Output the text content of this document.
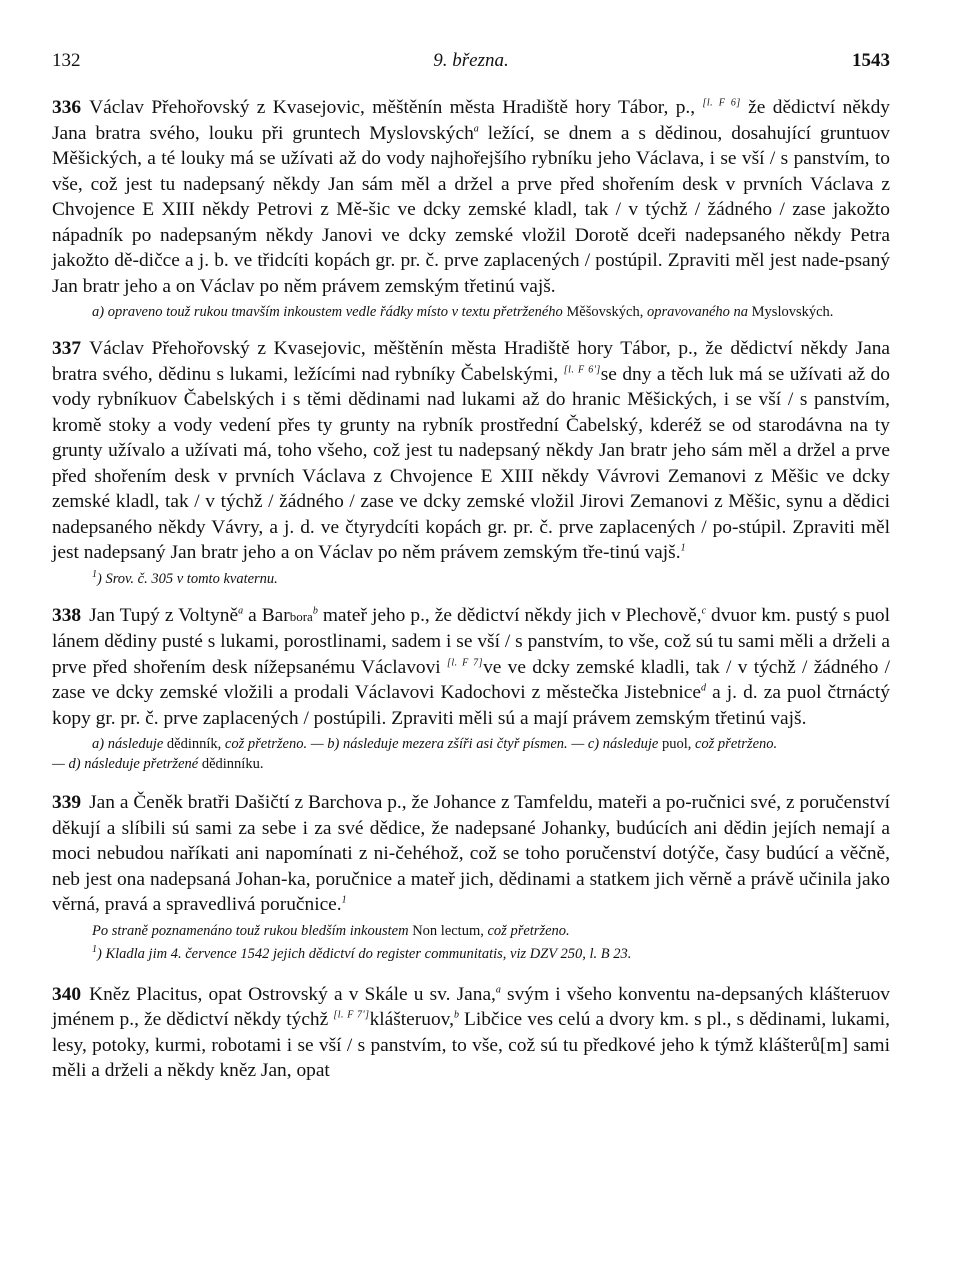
132	9. března.	1543

336 Václav Přehořovský z Kvasejovic, měštěnín města Hradiště hory Tábor, p., [l. F 6] že dědictví někdy Jana bratra svého, louku při gruntech Myslovských$^a$ ležící, se dnem a s dědinou, dosahující gruntuov Měšických, a té louky má se užívati až do vody najhořejšího rybníku jeho Václava, i se vší / s panstvím, to vše, což jest tu nadepsaný někdy Jan sám měl a držel a prve před shořením desk v prvních Václava z Chvojence E XIII někdy Petrovi z Mě-šic ve dcky zemské kladl, tak / v týchž / žádného / zase jakožto nápadník po nadepsaným někdy Janovi ve dcky zemské vložil Dorotě dceři nadepsaného někdy Petra jakožto dě-dičce a j. b. ve třidcíti kopách gr. pr. č. prve zaplacených / postúpil. Zpraviti měl jest nade-psaný Jan bratr jeho a on Václav po něm právem zemským třetinú vajš.

a) opraveno touž rukou tmavším inkoustem vedle řádky místo v textu přetrženého Měšovských, opravovaného na Myslovských.

337 Václav Přehořovský z Kvasejovic, měštěnín města Hradiště hory Tábor, p., že dědictví někdy Jana bratra svého, dědinu s lukami, ležícími nad rybníky Čabelskými, [l. F 6']se dny a těch luk má se užívati až do vody rybníkuov Čabelských i s těmi dědinami nad lukami až do hranic Měšických, i se vší / s panstvím, kromě stoky a vody vedení přes ty grunty na rybník prostřední Čabelský, kderéž se od starodávna na ty grunty užívalo a užívati má, toho všeho, což jest tu nadepsaný někdy Jan bratr jeho sám měl a držel a prve před shořením desk v prvních Václava z Chvojence E XIII někdy Vávrovi Zemanovi z Měšic ve dcky zemské kladl, tak / v týchž / žádného / zase ve dcky zemské vložil Jirovi Zemanovi z Měšic, synu a dědici nadepsaného někdy Vávry, a j. d. ve čtyrydcíti kopách gr. pr. č. prve zaplacených / po-stúpil. Zpraviti měl jest nadepsaný Jan bratr jeho a on Václav po něm právem zemským tře-tinú vajš.$^1$

$^1$) Srov. č. 305 v tomto kvaternu.

338 Jan Tupý z Voltyně$^a$ a Barbora$^b$ mateř jeho p., že dědictví někdy jich v Plechově,$^c$ dvuor km. pustý s puol lánem dědiny pusté s lukami, porostlinami, sadem i se vší / s panstvím, to vše, což sú tu sami měli a drželi a prve před shořením desk nížepsanému Václavovi [l. F 7]ve ve dcky zemské kladli, tak / v týchž / žádného / zase ve dcky zemské vložili a prodali Václavovi Kadochovi z městečka Jistebnice$^d$ a j. d. za puol čtrnáctý kopy gr. pr. č. prve zaplacených / postúpili. Zpraviti měli sú a mají právem zemským třetinú vajš.

a) následuje dědinník, což přetrženo. — b) následuje mezera zšíři asi čtyř písmen. — c) následuje puol, což přetrženo.
— d) následuje přetržené dědinníku.

339 Jan a Čeněk bratři Dašičtí z Barchova p., že Johance z Tamfeldu, mateři a po-ručnici své, z poručenství děkují a slíbili sú sami za sebe i za své dědice, že nadepsané Johanky, budúcích ani dědin jejích nemají a moci nebudou naříkati ani napomínati z ni-čehéhož, což se toho poručenství dotýče, časy budúcí a věčně, neb jest ona nadepsaná Johan-ka, poručnice a mateř jich, dědinami a statkem jich věrně a právě učinila jako věrná, pravá a spravedlivá poručnice.$^1$

Po straně poznamenáno touž rukou bledším inkoustem Non lectum, což přetrženo.

$^1$) Kladla jim 4. července 1542 jejich dědictví do register communitatis, viz DZV 250, l. B 23.

340 Kněz Placitus, opat Ostrovský a v Skále u sv. Jana,$^a$ svým i všeho konventu na-depsaných klášteruov jménem p., že dědictví někdy týchž [l. F 7']klášteruov,$^b$ Libčice ves celú a dvory km. s pl., s dědinami, lukami, lesy, potoky, kurmi, robotami i se vší / s panstvím, to vše, což sú tu předkové jeho k týmž klášterů[m] sami měli a drželi a někdy kněz Jan, opat
